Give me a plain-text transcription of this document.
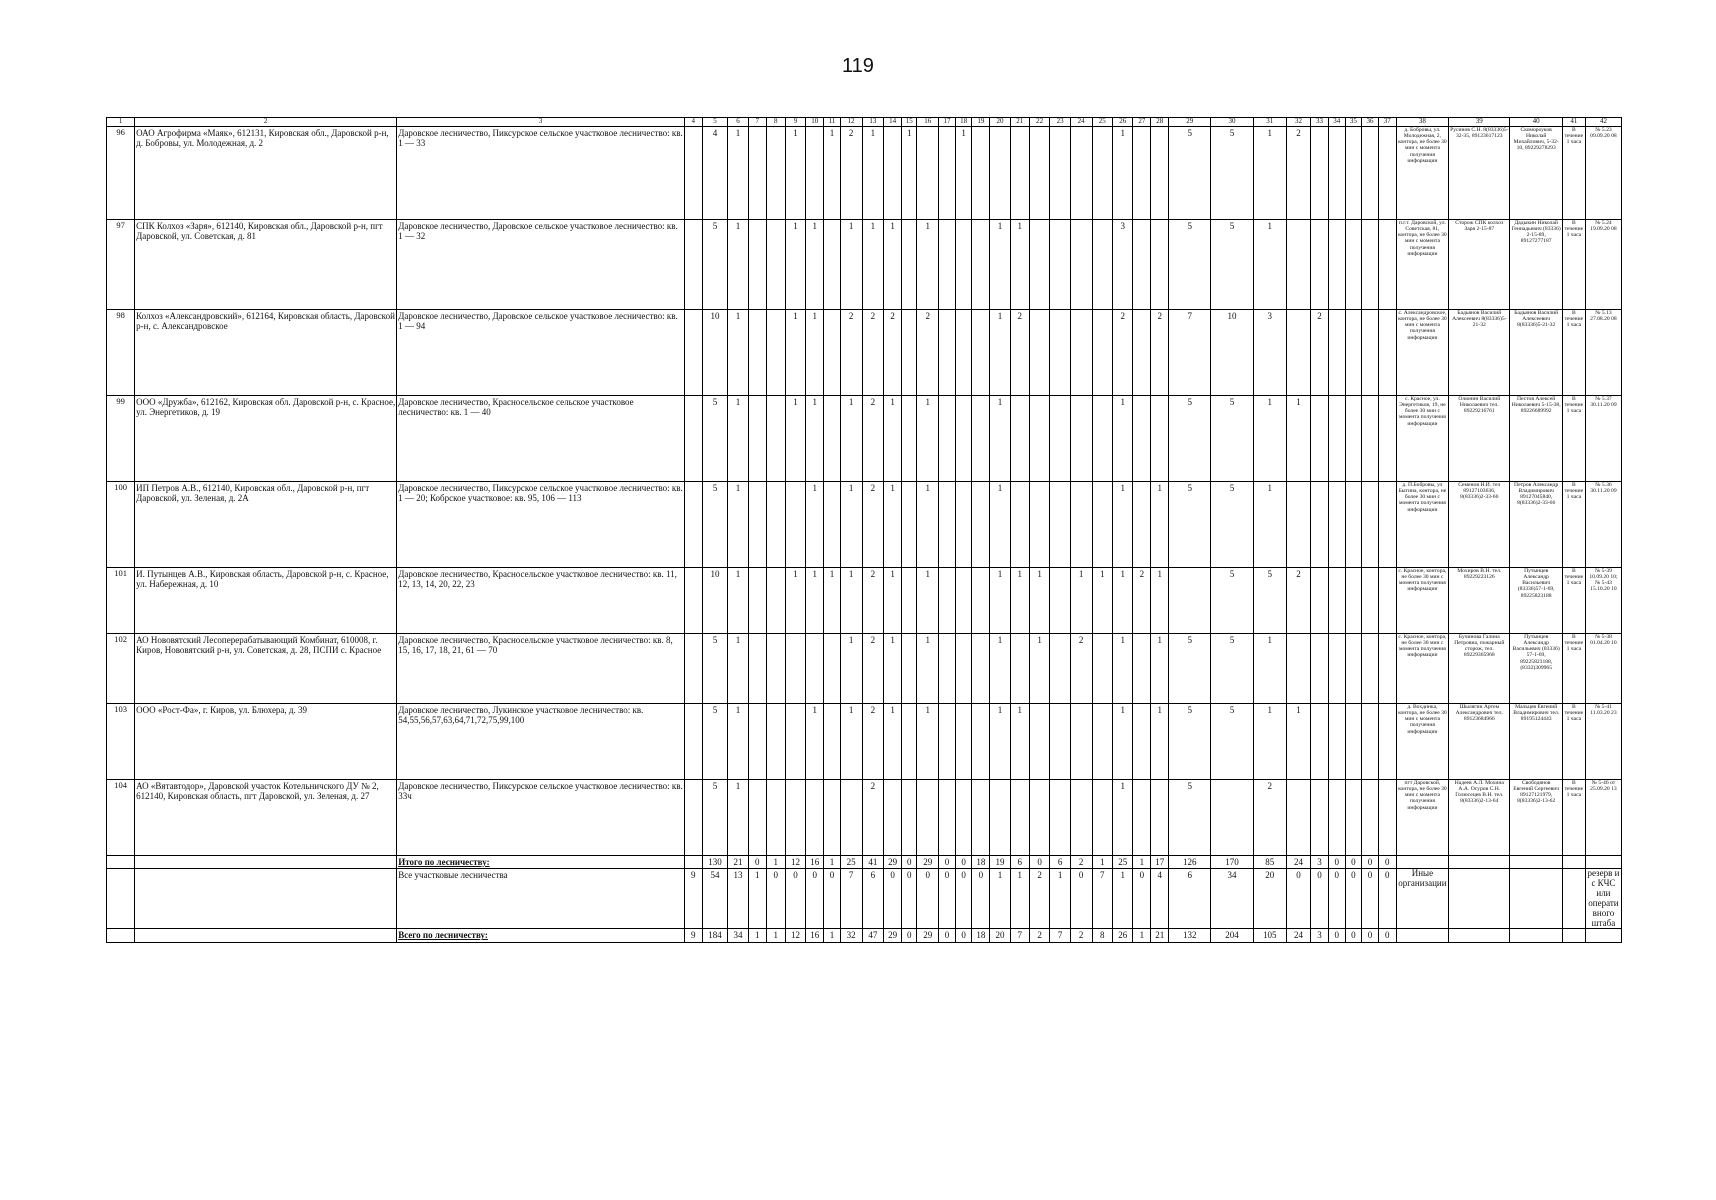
119
1	2	3	4	5	6	7	8	9	10	11	12	13	14	15	16	17	18	19	20	21	22	23	24	25	26	27	28	29	30	31	32	33	34	35	36	37	38	39	40	41	42
96	ОАО Агрофирма «Маяк», 612131, Кировская обл., Даровской р-н, д. Бобровы, ул. Молодежная, д. 2	Даровское лесничество, Пиксурское сельское участковое лесничество: кв. 1 — 33		4	1			1		1	2	1		1			1								1			5	5	1	2						д. Бобровы, ул. Молодежная, 2, контора, не более 30 мин с момента получения информации	Русинов С.Н. 8(83336)5-32-35, 89123617123	Скомороуков Николай Михайлович, 5-32-10, 89229278293	В течение 1 часа	№ 5.23 09.09.20 08
97	СПК Колхоз «Заря», 612140, Кировская обл., Даровской р-н, пгт Даровской, ул. Советская, д. 81	Даровское лесничество, Даровское сельское участковое лесничество: кв. 1 — 32		5	1			1	1		1	1	1		1				1	1					3			5	5	1							п.г.т. Даровской, ул. Советская, 81, контора, не более 30 мин с момента получения информации	Сторож СПК колхоз Заря 2-15-87	Дадыкин Николай Геннадьевич (83336) 2-15-89, 89127277187	В течение 1 часа	№ 5.24 19.09.20 08
98	Колхоз «Александровский», 612164, Кировская область, Даровской р-н, с. Александровское	Даровское лесничество, Даровское сельское участковое лесничество: кв. 1 — 94		10	1			1	1		2	2	2		2				1	2					2		2	7	10	3		2					с. Александровское, контора, не более 30 мин с момента получения информации	Бадьянов Василий Алексеевич 8(83336)5-21-32	Бадьянов Василий Алексеевич 8(83336)5-21-32	В течение 1 часа	№ 5.13 27.08.20 08
99	ООО «Дружба», 612162, Кировская обл. Даровской р-н, с. Красное, ул. Энергетиков, д. 19	Даровское лесничество, Красносельское сельское участковое лесничество: кв. 1 — 40		5	1			1	1		1	2	1		1				1						1			5	5	1	1						с. Красное, ул. Энергетиков, 19, не более 30 мин с момента получения информации	Олюнин Василий Николаевич тел. 89229216761	Пестов Алексей Николаевич 5-15-38, 89226689992	В течение 1 часа	№ 5.37 30.11.20 09
100	ИП Петров А.В., 612140, Кировская обл., Даровской р-н, пгт Даровской, ул. Зеленая, д. 2А	Даровское лесничество, Пиксурское сельское участковое лесничество: кв. 1 — 20; Кобрское участковое: кв. 95, 106 — 113		5	1				1		1	2	1		1				1						1		1	5	5	1							д. П.Бобровы, ул Бытина, контора, не более 30 мин с момента получения информации	Семенов Н.И. тел 89127103636, 8(83336)2-33-66	Петров Александр Владимирович 89127045840, 8(83336)2-33-66	В течение 1 часа	№ 5.36 30.11.20 09
101	И. Путынцев А.В., Кировская область, Даровской р-н, с. Красное, ул. Набережная, д. 10	Даровское лесничество, Красносельское участковое лесничество: кв. 11, 12, 13, 14, 20, 22, 23		10	1			1	1	1	1	2	1		1				1	1	1		1	1	1	2	1		5	5	2						с. Красное, контора, не более 30 мин с момента получения информации	Мохиров В.Н. тел. 89229223126	Путынцев Александр Васильевич (83336)57-1-69, 89225823188	В течение 1 часа	№ 5-39 10.09.20 10; № 5-43 15.10.20 10
102	АО Нововятский Лесоперерабатывающий Комбинат, 610008, г. Киров, Нововятский р-н, ул. Советская, д. 28, ПСПИ с. Красное	Даровское лесничество, Красносельское участковое лесничество: кв. 8, 15, 16, 17, 18, 21, 61 — 70		5	1						1	2	1		1				1		1		2		1		1	5	5	1							с. Красное, контора, не более 30 мин с момента получения информации	Бучинова Галина Петровна, пожарный сторож, тел. 89229365968	Путынцев Александр Васильевич (83336) 57-1-69, 89225823188, (8332)309965	В течение 1 часа	№ 5-38 01.04.20 10
103	ООО «Рост-Фа», г. Киров, ул. Блюхера, д. 39	Даровское лесничество, Лукинское участковое лесничество: кв. 54,55,56,57,63,64,71,72,75,99,100		5	1				1		1	2	1		1				1	1					1		1	5	5	1	1						д. Вохдинка, контора, не более 30 мин с момента получения информации	Шылягин Артем Александрович тел. 89123684966	Мальцев Евгений Владимирович тел. 89195124443	В течение 1 часа	№ 5-41 11.03.20 23
104	АО «Вятавтодор», Даровской участок Котельничского ДУ № 2, 612140, Кировская область, пгт Даровской, ул. Зеленая, д. 27	Даровское лесничество, Пиксурское сельское участковое лесничество: кв. 33ч		5	1							2													1			5		2							пгт Даровской, контора, не более 30 мин с момента получения информации	Надеев А.Л. Мохина А.А. Осуров С.Н. Голюсецев В.Н. тел. 8(83336)2-13-64	Свободянов Евгений Сергеевич 89127121979, 8(83336)2-13-62	В течение 1 часа	№ 5-46 от 25.09.20 13
		Итого по лесничеству:		130	21	0	1	12	16	1	25	41	29	0	29	0	0	18	19	6	0	6	2	1	25	1	17	126	170	85	24	3	0	0	0	0					
		Все участковые лесничества	9	54	13	1	0	0	0	0	7	6	0	0	0	0	0	0	1	1	2	1	0	7	1	0	4	6	34	20	0	0	0	0	0	0	Иные организации				резерв и с КЧС или оперативного штаба
		Всего по лесничеству:	9	184	34	1	1	12	16	1	32	47	29	0	29	0	0	18	20	7	2	7	2	8	26	1	21	132	204	105	24	3	0	0	0	0					
